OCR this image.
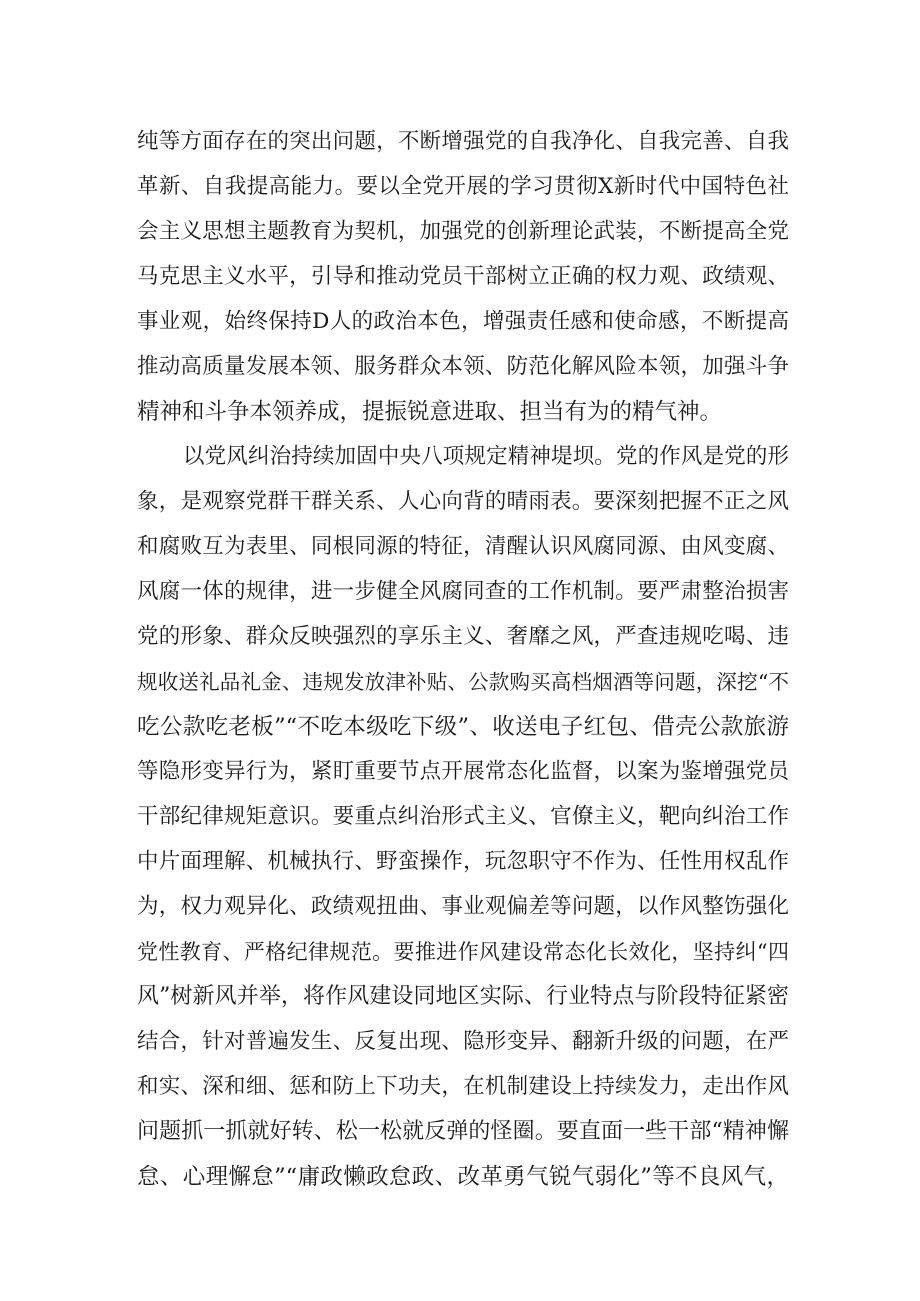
纯等方面存在的突出问题，不断增强党的自我净化、自我完善、自我
革新、自我提高能力。要以全党开展的学习贯彻X新时代中国特色社
会主义思想主题教育为契机，加强党的创新理论武装，不断提高全党
马克思主义水平，引导和推动党员干部树立正确的权力观、政绩观、
事业观，始终保持D人的政治本色，增强责任感和使命感，不断提高
推动高质量发展本领、服务群众本领、防范化解风险本领，加强斗争
精神和斗争本领养成，提振锐意进取、担当有为的精气神。
以党风纠治持续加固中央八项规定精神堤坝。党的作风是党的形
象，是观察党群干群关系、人心向背的晴雨表。要深刻把握不正之风
和腐败互为表里、同根同源的特征，清醒认识风腐同源、由风变腐、
风腐一体的规律，进一步健全风腐同查的工作机制。要严肃整治损害
党的形象、群众反映强烈的享乐主义、奢靡之风，严查违规吃喝、违
规收送礼品礼金、违规发放津补贴、公款购买高档烟酒等问题，深挖“不
吃公款吃老板”“不吃本级吃下级”、收送电子红包、借壳公款旅游
等隐形变异行为，紧盯重要节点开展常态化监督，以案为鉴增强党员
干部纪律规矩意识。要重点纠治形式主义、官僚主义，靶向纠治工作
中片面理解、机械执行、野蛮操作，玩忽职守不作为、任性用权乱作
为，权力观异化、政绩观扭曲、事业观偏差等问题，以作风整饬强化
党性教育、严格纪律规范。要推进作风建设常态化长效化，坚持纠“四
风”树新风并举，将作风建设同地区实际、行业特点与阶段特征紧密
结合，针对普遍发生、反复出现、隐形变异、翻新升级的问题，在严
和实、深和细、惩和防上下功夫，在机制建设上持续发力，走出作风
问题抓一抓就好转、松一松就反弹的怪圈。要直面一些干部“精神懈
怠、心理懈怠”“庸政懒政怠政、改革勇气锐气弱化”等不良风气，
